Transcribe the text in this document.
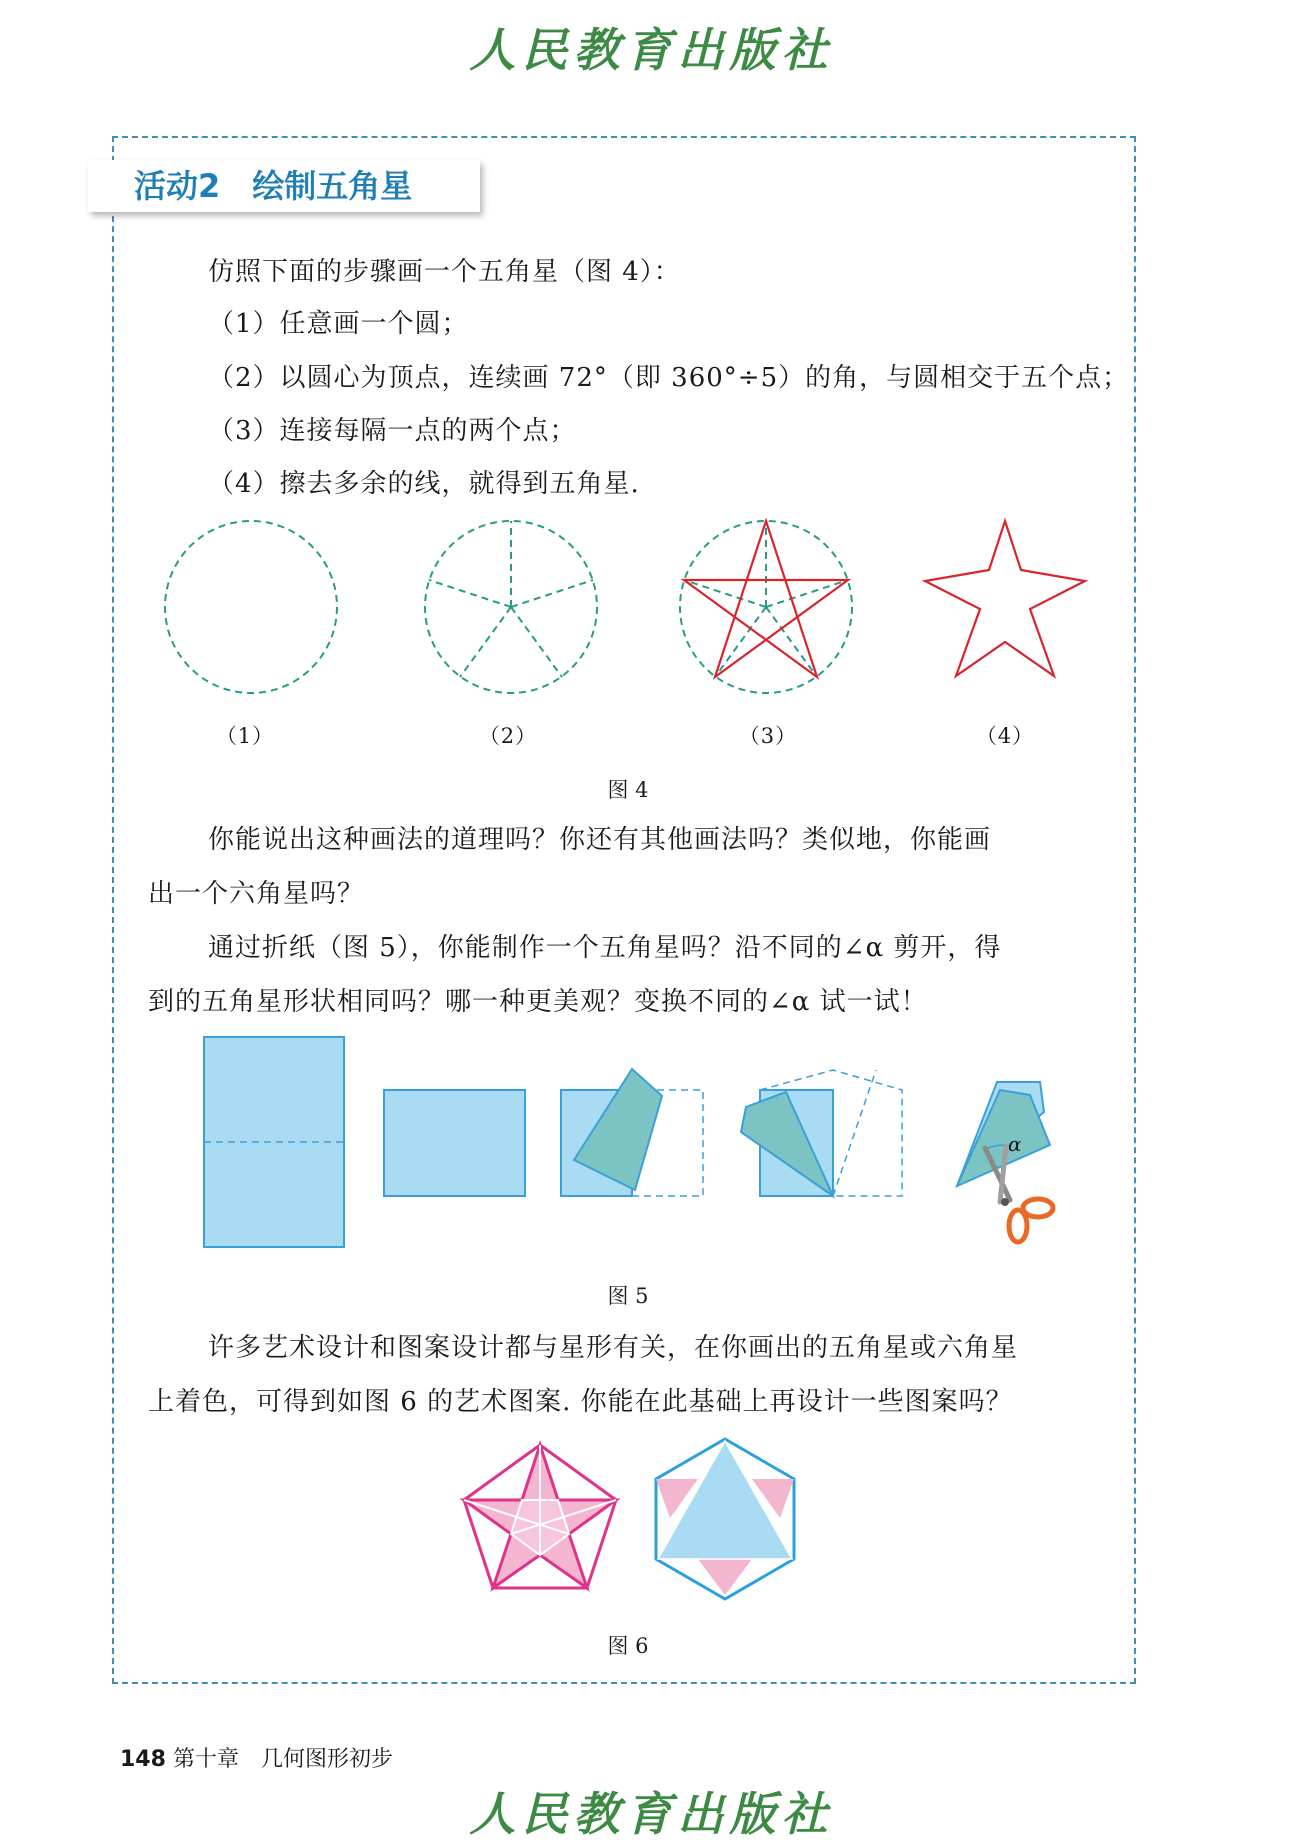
人民教育出版社
活动2　绘制五角星
仿照下面的步骤画一个五角星（图 4）：
（1）任意画一个圆；
（2）以圆心为顶点，连续画 72°（即 360°÷5）的角，与圆相交于五个点；
（3）连接每隔一点的两个点；
（4）擦去多余的线，就得到五角星.
（1）	（2）	（3）	（4）
图 4
你能说出这种画法的道理吗？你还有其他画法吗？类似地，你能画
出一个六角星吗？
通过折纸（图 5），你能制作一个五角星吗？沿不同的∠α 剪开，得
到的五角星形状相同吗？哪一种更美观？变换不同的∠α 试一试！
α
图 5
许多艺术设计和图案设计都与星形有关，在你画出的五角星或六角星
上着色，可得到如图 6 的艺术图案. 你能在此基础上再设计一些图案吗？
图 6
148 第十章　几何图形初步
人民教育出版社
